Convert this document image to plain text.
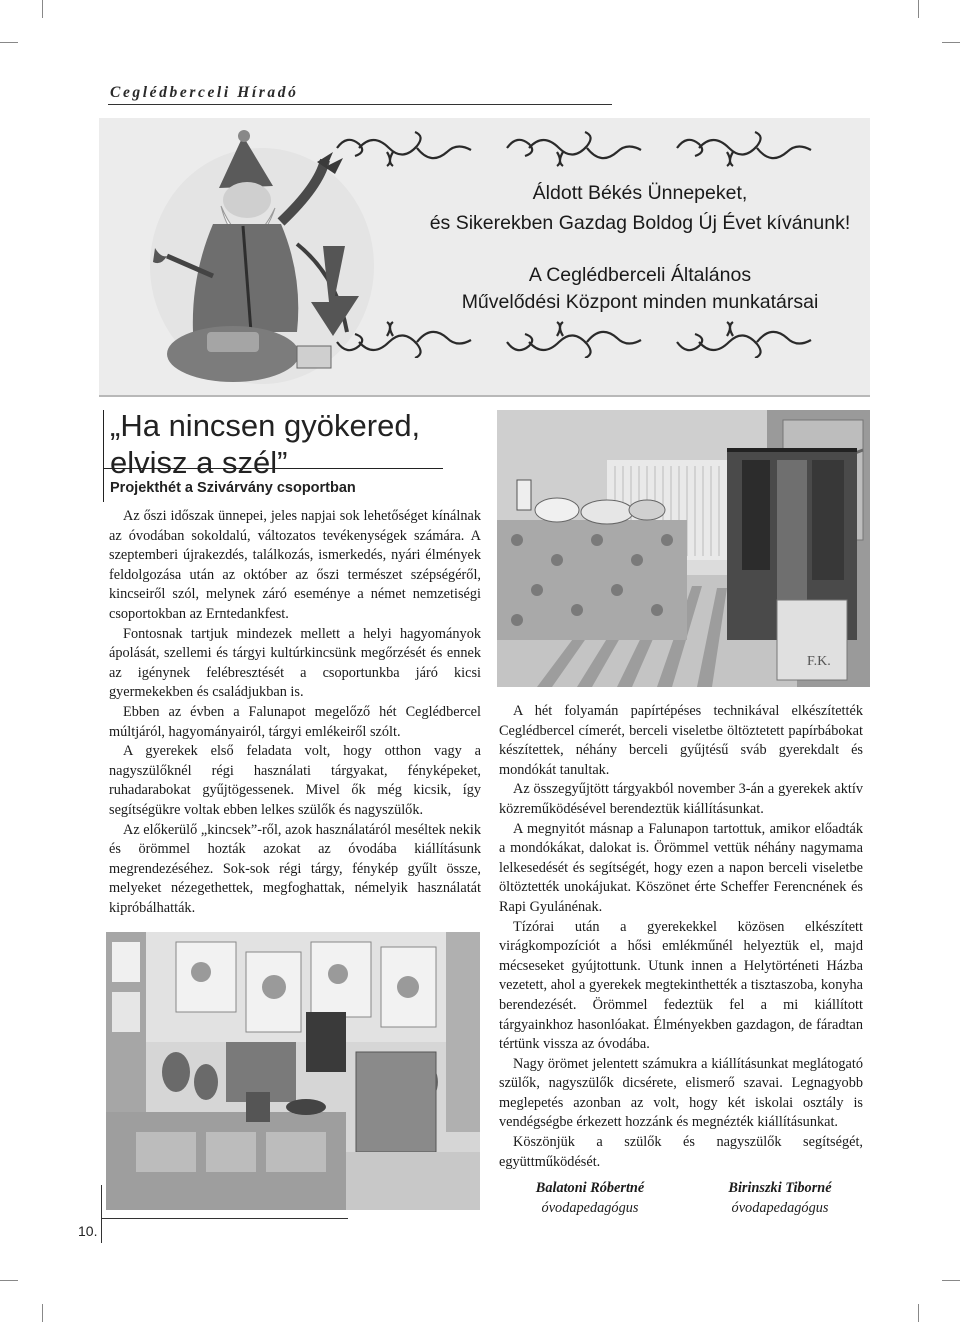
Ceglédberceli Híradó
Áldott Békés Ünnepeket,
és Sikerekben Gazdag Boldog Új Évet kívánunk!
A Ceglédberceli Általános
Művelődési Központ minden munkatársai
„Ha nincsen gyökered,
elvisz a szél”
Projekthét a Szivárvány csoportban

Az őszi időszak ünnepei, jeles napjai sok lehetőséget kínálnak az óvodában sokoldalú, változatos tevékenységek számára. A szeptemberi újrakezdés, találkozás, ismerkedés, nyári élmények feldolgozása után az október az őszi természet szépségéről, kincseiről szól, melynek záró eseménye a német nemzetiségi csoportokban az Erntedankfest.

Fontosnak tartjuk mindezek mellett a helyi hagyományok ápolását, szellemi és tárgyi kultúrkincsünk megőrzését és ennek az igénynek felébresztését a csoportunkba járó kicsi gyermekekben és családjukban is.

Ebben az évben a Falunapot megelőző hét Ceglédbercel múltjáról, hagyományairól, tárgyi emlékeiről szólt.

A gyerekek első feladata volt, hogy otthon vagy a nagyszülőknél régi használati tárgyakat, fényképeket, ruhadarabokat gyűjtögessenek. Mivel ők még kicsik, így segítségükre voltak ebben lelkes szülők és nagyszülők.

Az előkerülő „kincsek”-ről, azok használatáról meséltek nekik és örömmel hozták azokat az óvodába kiállításunk megrendezéséhez. Sok-sok régi tárgy, fénykép gyűlt össze, melyeket nézegethettek, megfoghattak, némelyik használatát kipróbálhatták.

F.K.

A hét folyamán papírtépéses technikával elkészítették Ceglédbercel címerét, berceli viseletbe öltöztetett papírbábokat készítettek, néhány berceli gyűjtésű sváb gyerekdalt és mondókát tanultak.

Az összegyűjtött tárgyakból november 3-án a gyerekek aktív közreműködésével berendeztük kiállításunkat.

A megnyitót másnap a Falunapon tartottuk, amikor előadták a mondókákat, dalokat is. Örömmel vettük néhány nagymama lelkesedését és segítségét, hogy ezen a napon berceli viseletbe öltöztették unokájukat. Köszönet érte Scheffer Ferencnének és Rapi Gyulánénak.

Tízórai után a gyerekekkel közösen elkészített virágkompozíciót a hősi emlékműnél helyeztük el, majd mécseseket gyújtottunk. Utunk innen a Helytörténeti Házba vezetett, ahol a gyerekek megtekinthették a tisztaszoba, konyha berendezését. Örömmel fedeztük fel a mi kiállított tárgyainkhoz hasonlóakat. Élményekben gazdagon, de fáradtan tértünk vissza az óvodába.

Nagy örömet jelentett számukra a kiállításunkat meglátogató szülők, nagyszülők dicsérete, elismerő szavai. Legnagyobb meglepetés azonban az volt, hogy két iskolai osztály is vendégségbe érkezett hozzánk és megnézték kiállításunkat.

Köszönjük a szülők és nagyszülők segítségét, együttműködését.

Balatoni Róbertné
óvodapedagógus
Birinszki Tiborné
óvodapedagógus
10.
